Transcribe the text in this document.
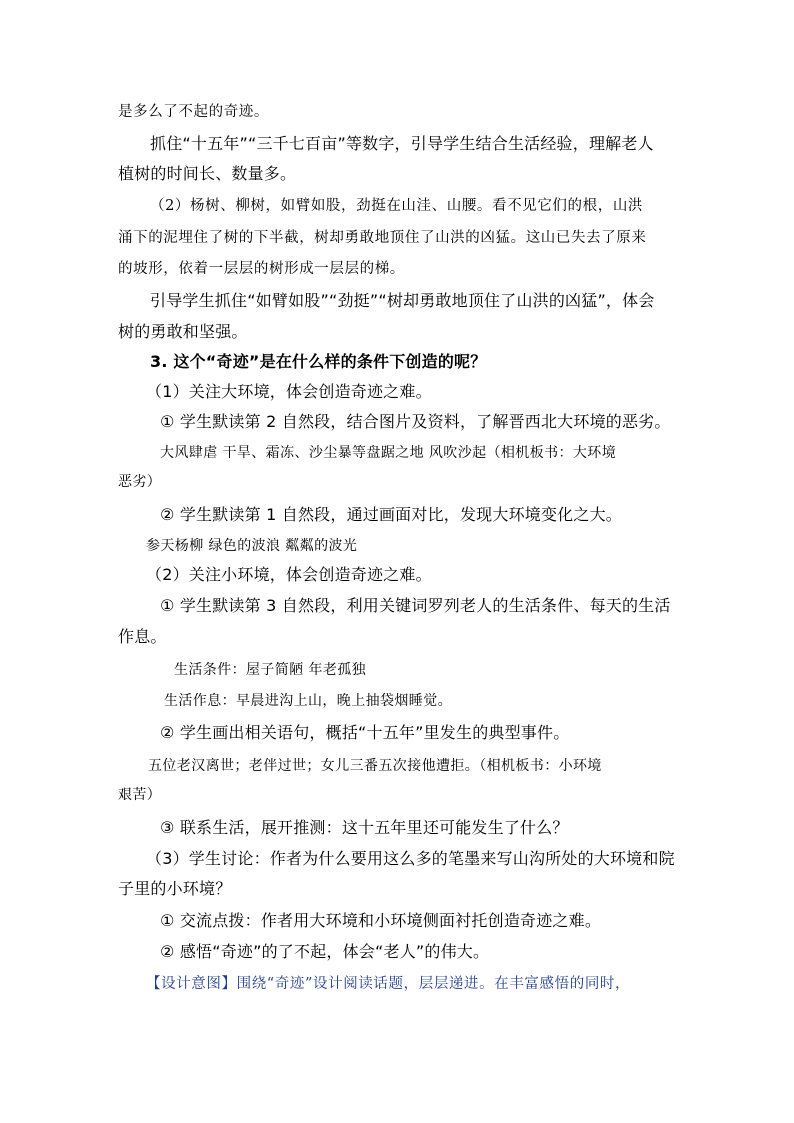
是多么了不起的奇迹。
抓住“十五年”“三千七百亩”等数字，引导学生结合生活经验，理解老人
植树的时间长、数量多。
（2）杨树、柳树，如臂如股，劲挺在山洼、山腰。看不见它们的根，山洪
涌下的泥埋住了树的下半截，树却勇敢地顶住了山洪的凶猛。这山已失去了原来
的坡形，依着一层层的树形成一层层的梯。
引导学生抓住“如臂如股”“劲挺”“树却勇敢地顶住了山洪的凶猛”，体会
树的勇敢和坚强。
3. 这个“奇迹”是在什么样的条件下创造的呢？
（1）关注大环境，体会创造奇迹之难。
① 学生默读第 2 自然段，结合图片及资料，了解晋西北大环境的恶劣。
大风肆虐 干旱、霜冻、沙尘暴等盘踞之地 风吹沙起（相机板书：大环境
恶劣）
② 学生默读第 1 自然段，通过画面对比，发现大环境变化之大。
参天杨柳 绿色的波浪 粼粼的波光
（2）关注小环境，体会创造奇迹之难。
① 学生默读第 3 自然段，利用关键词罗列老人的生活条件、每天的生活
作息。
生活条件：屋子简陋 年老孤独
生活作息：早晨进沟上山，晚上抽袋烟睡觉。
② 学生画出相关语句，概括“十五年”里发生的典型事件。
五位老汉离世；老伴过世；女儿三番五次接他遭拒。（相机板书：小环境
艰苦）
③ 联系生活，展开推测：这十五年里还可能发生了什么？
（3）学生讨论：作者为什么要用这么多的笔墨来写山沟所处的大环境和院
子里的小环境？
① 交流点拨：作者用大环境和小环境侧面衬托创造奇迹之难。
② 感悟“奇迹”的了不起，体会“老人”的伟大。
【设计意图】围绕“奇迹”设计阅读话题，层层递进。在丰富感悟的同时，
